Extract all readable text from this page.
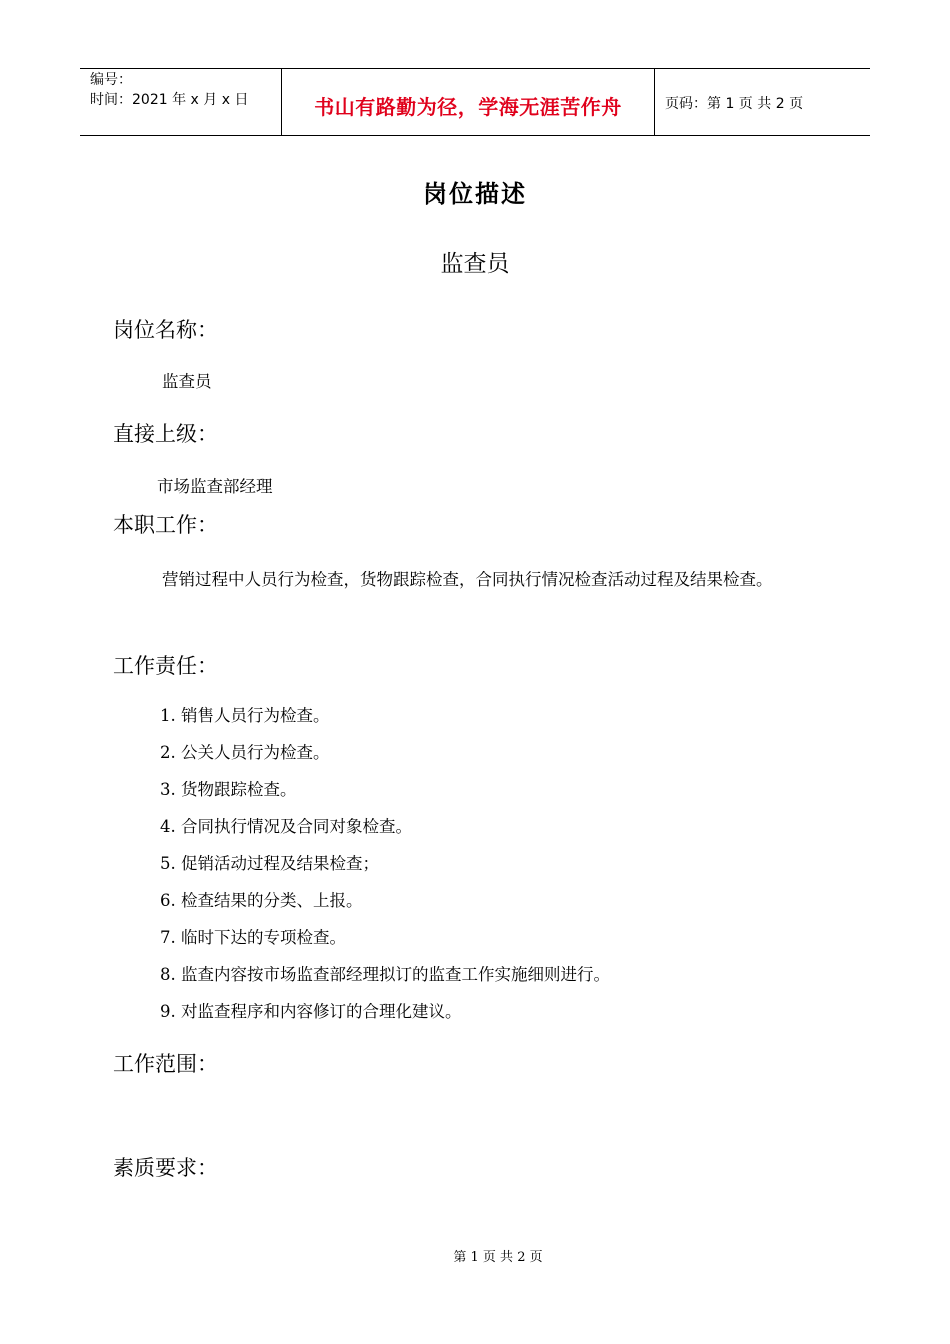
编号：
时间：2021 年 x 月 x 日	书山有路勤为径，学海无涯苦作舟	页码：第 1 页 共 2 页
岗位描述
监查员
岗位名称：
监查员
直接上级：
市场监查部经理
本职工作：
营销过程中人员行为检查，货物跟踪检查，合同执行情况检查活动过程及结果检查。
工作责任：
1. 销售人员行为检查。
2. 公关人员行为检查。
3. 货物跟踪检查。
4. 合同执行情况及合同对象检查。
5. 促销活动过程及结果检查；
6. 检查结果的分类、上报。
7. 临时下达的专项检查。
8. 监查内容按市场监查部经理拟订的监查工作实施细则进行。
9. 对监查程序和内容修订的合理化建议。
工作范围：
素质要求：
第 1 页 共 2 页
